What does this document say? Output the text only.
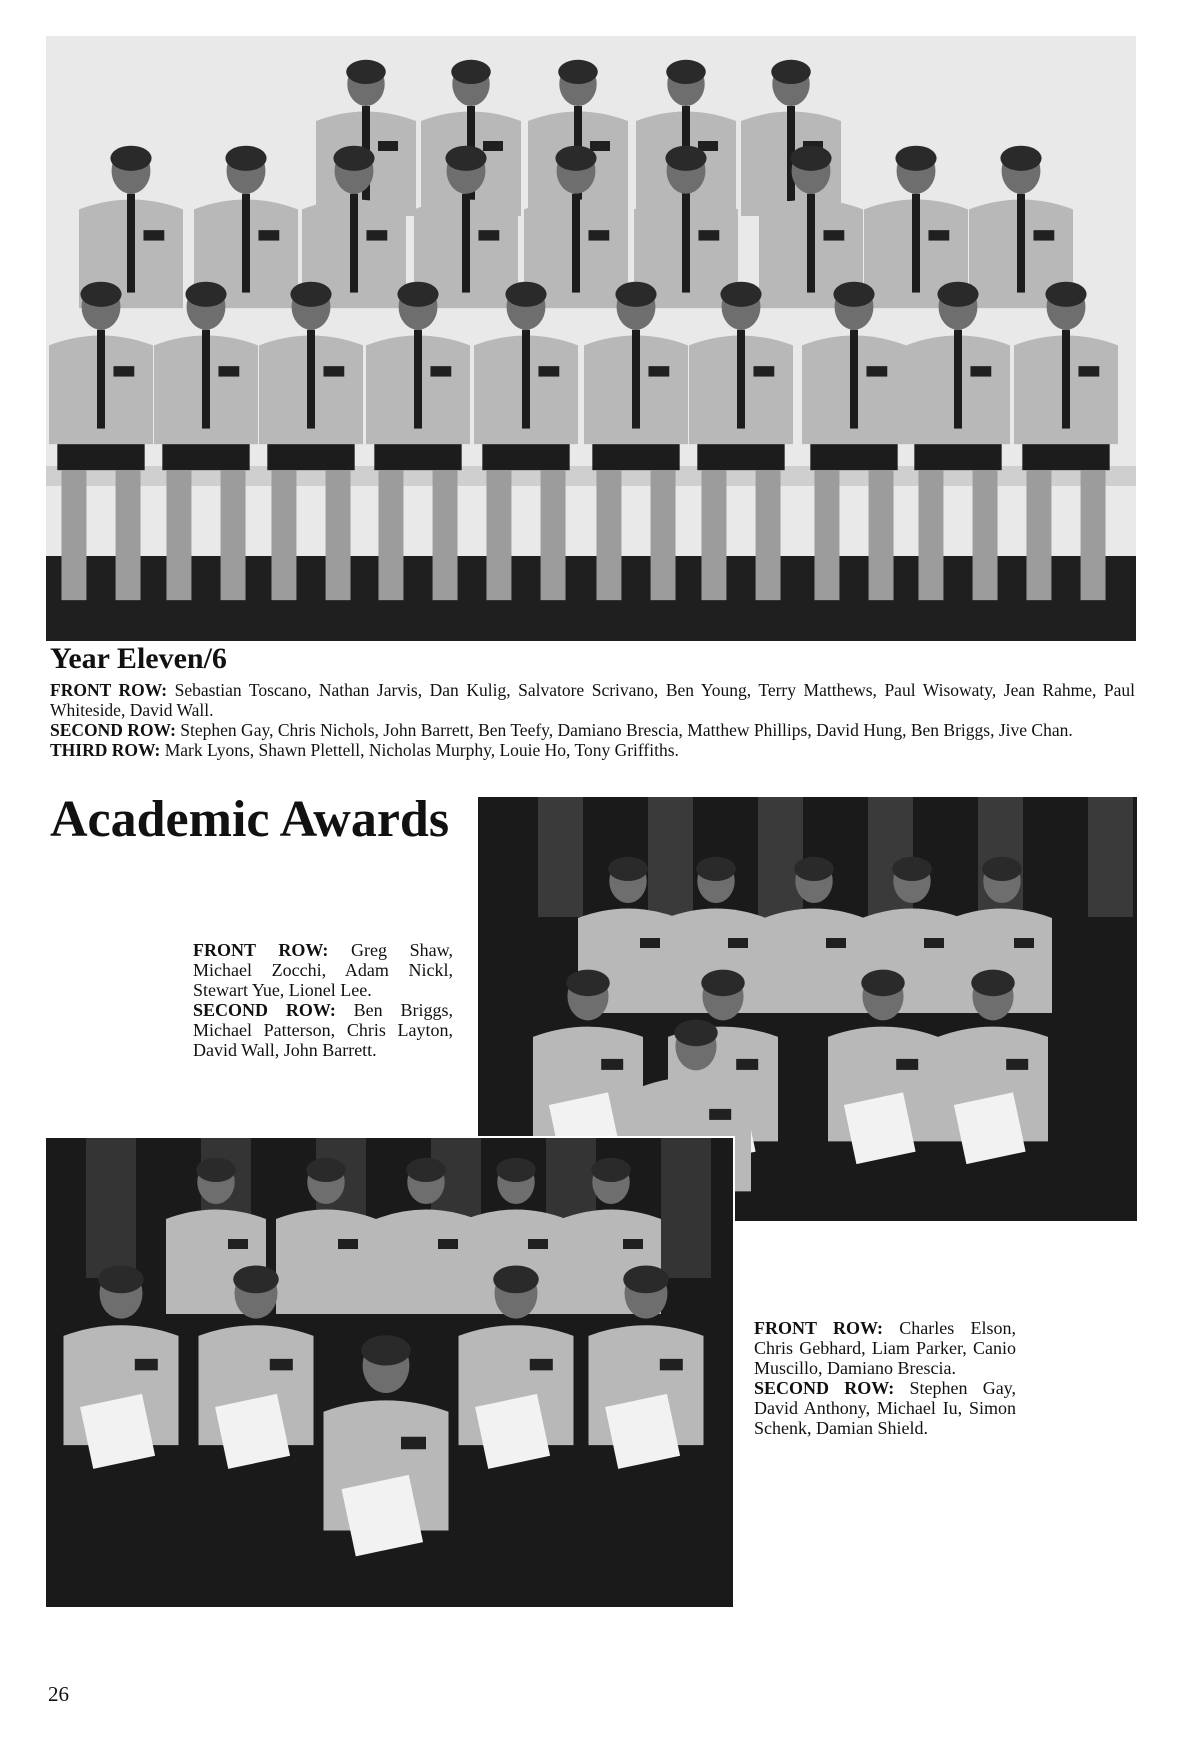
Year Eleven/6

FRONT ROW: Sebastian Toscano, Nathan Jarvis, Dan Kulig, Salvatore Scrivano, Ben Young, Terry Matthews, Paul Wisowaty, Jean Rahme, Paul Whiteside, David Wall.

SECOND ROW: Stephen Gay, Chris Nichols, John Barrett, Ben Teefy, Damiano Brescia, Matthew Phillips, David Hung, Ben Briggs, Jive Chan.

THIRD ROW: Mark Lyons, Shawn Plettell, Nicholas Murphy, Louie Ho, Tony Griffiths.

Academic Awards

FRONT ROW: Greg Shaw, Michael Zocchi, Adam Nickl, Stewart Yue, Lionel Lee.

SECOND ROW: Ben Briggs, Michael Patterson, Chris Layton, David Wall, John Barrett.

FRONT ROW: Charles Elson, Chris Gebhard, Liam Parker, Canio Muscillo, Damiano Brescia.

SECOND ROW: Stephen Gay, David Anthony, Michael Iu, Simon Schenk, Damian Shield.

26
